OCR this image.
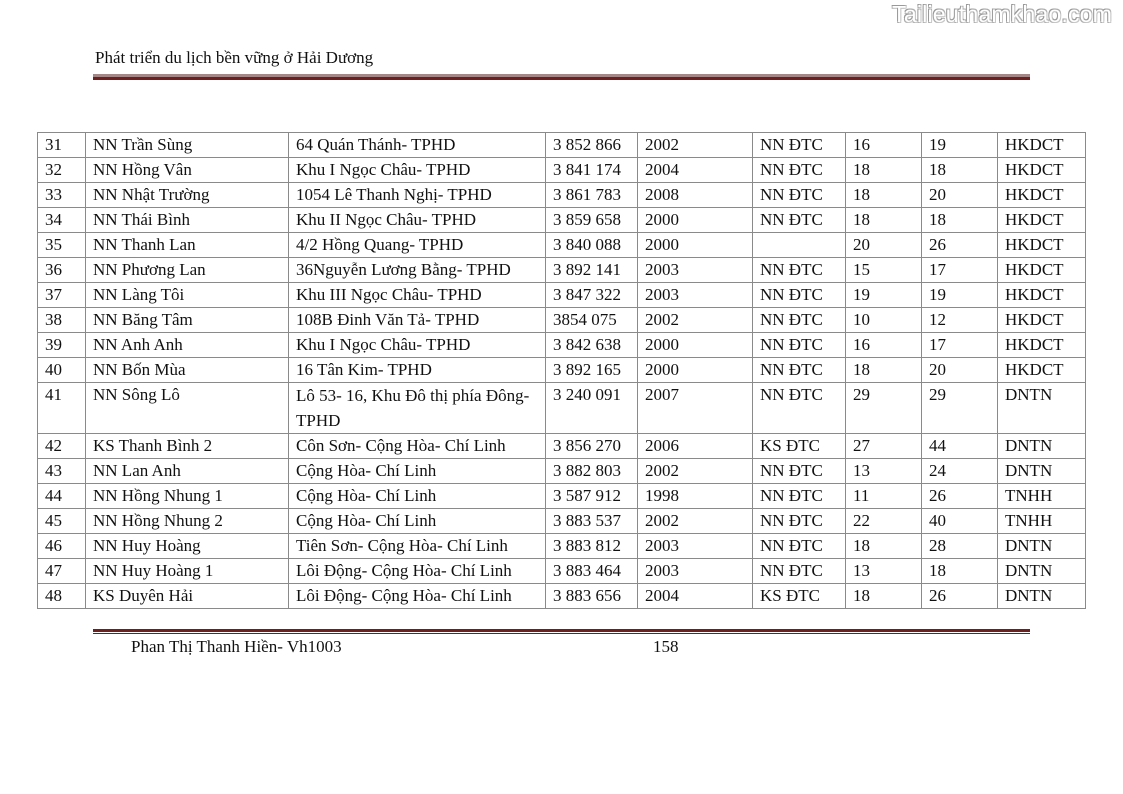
Tailieuthamkhao.com
Phát triển du lịch bền vững ở Hải Dương
31	NN Trần Sùng	64 Quán Thánh- TPHD	3 852 866	2002	NN ĐTC	16	19	HKDCT
32	NN Hồng Vân	Khu I Ngọc Châu- TPHD	3 841 174	2004	NN ĐTC	18	18	HKDCT
33	NN Nhật Trường	1054 Lê Thanh Nghị- TPHD	3 861 783	2008	NN ĐTC	18	20	HKDCT
34	NN Thái Bình	Khu II Ngọc Châu- TPHD	3 859 658	2000	NN ĐTC	18	18	HKDCT
35	NN Thanh Lan	4/2 Hồng Quang- TPHD	3 840 088	2000		20	26	HKDCT
36	NN Phương Lan	36Nguyễn Lương Bằng- TPHD	3 892 141	2003	NN ĐTC	15	17	HKDCT
37	NN Làng Tôi	Khu III Ngọc Châu- TPHD	3 847 322	2003	NN ĐTC	19	19	HKDCT
38	NN Băng Tâm	108B Đinh Văn Tả- TPHD	3854 075	2002	NN ĐTC	10	12	HKDCT
39	NN Anh Anh	Khu I Ngọc Châu- TPHD	3 842 638	2000	NN ĐTC	16	17	HKDCT
40	NN Bốn Mùa	16 Tân Kim- TPHD	3 892 165	2000	NN ĐTC	18	20	HKDCT
41	NN Sông Lô	Lô 53- 16, Khu Đô thị phía Đông- TPHD	3 240 091	2007	NN ĐTC	29	29	DNTN
42	KS Thanh Bình 2	Côn Sơn- Cộng Hòa- Chí Linh	3 856 270	2006	KS ĐTC	27	44	DNTN
43	NN Lan Anh	Cộng Hòa- Chí Linh	3 882 803	2002	NN ĐTC	13	24	DNTN
44	NN Hồng Nhung 1	Cộng Hòa- Chí Linh	3 587 912	1998	NN ĐTC	11	26	TNHH
45	NN Hồng Nhung 2	Cộng Hòa- Chí Linh	3 883 537	2002	NN ĐTC	22	40	TNHH
46	NN Huy Hoàng	Tiên Sơn- Cộng Hòa- Chí Linh	3 883 812	2003	NN ĐTC	18	28	DNTN
47	NN Huy Hoàng 1	Lôi Động- Cộng Hòa- Chí Linh	3 883 464	2003	NN ĐTC	13	18	DNTN
48	KS Duyên Hải	Lôi Động- Cộng Hòa- Chí Linh	3 883 656	2004	KS ĐTC	18	26	DNTN
Phan Thị Thanh Hiền- Vh1003	158
